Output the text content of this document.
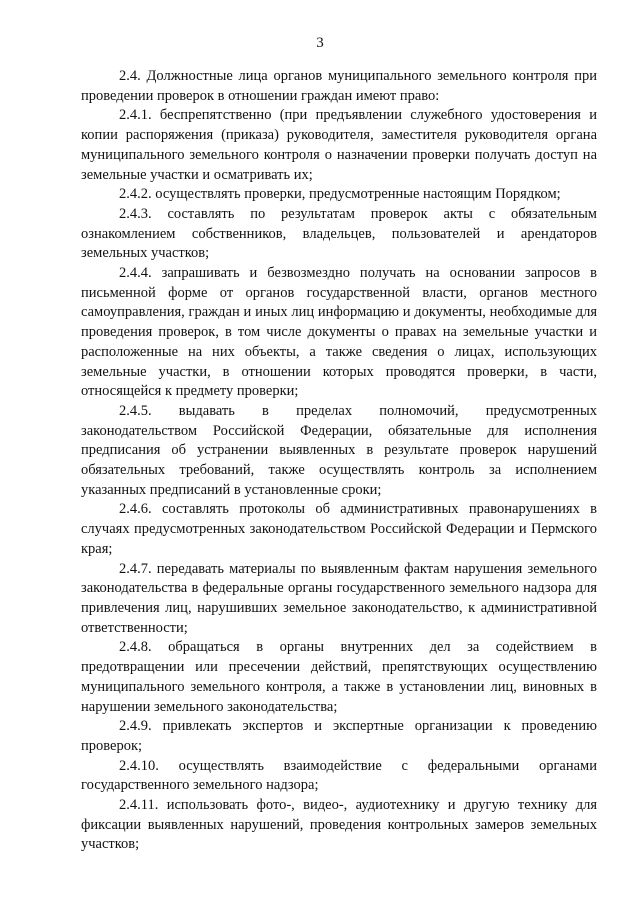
3

2.4. Должностные лица органов муниципального земельного контроля при проведении проверок в отношении граждан имеют право:

2.4.1. беспрепятственно (при предъявлении служебного удостоверения и копии распоряжения (приказа) руководителя, заместителя руководителя органа муниципального земельного контроля о назначении проверки получать доступ на земельные участки и осматривать их;

2.4.2. осуществлять проверки, предусмотренные настоящим Порядком;

2.4.3. составлять по результатам проверок акты с обязательным ознакомлением собственников, владельцев, пользователей и арендаторов земельных участков;

2.4.4. запрашивать и безвозмездно получать на основании запросов в письменной форме от органов государственной власти, органов местного самоуправления, граждан и иных лиц информацию и документы, необходимые для проведения проверок, в том числе документы о правах на земельные участки и расположенные на них объекты, а также сведения о лицах, использующих земельные участки, в отношении которых проводятся проверки, в части, относящейся к предмету проверки;

2.4.5. выдавать в пределах полномочий, предусмотренных законодательством Российской Федерации, обязательные для исполнения предписания об устранении выявленных в результате проверок нарушений обязательных требований, также осуществлять контроль за исполнением указанных предписаний в установленные сроки;

2.4.6. составлять протоколы об административных правонарушениях в случаях предусмотренных законодательством Российской Федерации и Пермского края;

2.4.7. передавать материалы по выявленным фактам нарушения земельного законодательства в федеральные органы государственного земельного надзора для привлечения лиц, нарушивших земельное законодательство, к административной ответственности;

2.4.8. обращаться в органы внутренних дел за содействием в предотвращении или пресечении действий, препятствующих осуществлению муниципального земельного контроля, а также в установлении лиц, виновных в нарушении земельного законодательства;

2.4.9. привлекать экспертов и экспертные организации к проведению проверок;

2.4.10. осуществлять взаимодействие с федеральными органами государственного земельного надзора;

2.4.11. использовать фото-, видео-, аудиотехнику и другую технику для фиксации выявленных нарушений, проведения контрольных замеров земельных участков;
